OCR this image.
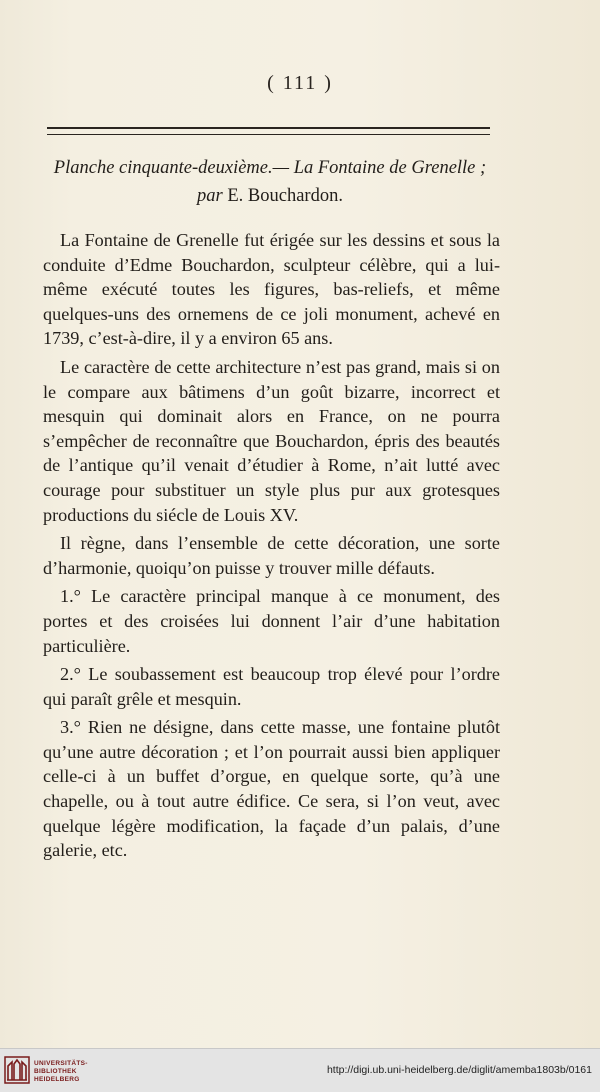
( 111 )
Planche cinquante-deuxième.— La Fontaine de Grenelle ;
par E. Bouchardon.

La Fontaine de Grenelle fut érigée sur les dessins et sous la conduite d’Edme Bouchardon, sculpteur célèbre, qui a lui-même exécuté toutes les figures, bas-reliefs, et même quelques-uns des ornemens de ce joli monument, achevé en 1739, c’est-à-dire, il y a environ 65 ans.

Le caractère de cette architecture n’est pas grand, mais si on le compare aux bâtimens d’un goût bizarre, incorrect et mesquin qui dominait alors en France, on ne pourra s’empêcher de reconnaître que Bouchardon, épris des beautés de l’antique qu’il venait d’étudier à Rome, n’ait lutté avec courage pour substituer un style plus pur aux grotesques productions du siécle de Louis XV.

Il règne, dans l’ensemble de cette décoration, une sorte d’harmonie, quoiqu’on puisse y trouver mille défauts.

1.° Le caractère principal manque à ce monument, des portes et des croisées lui donnent l’air d’une habitation particulière.

2.° Le soubassement est beaucoup trop élevé pour l’ordre qui paraît grêle et mesquin.

3.° Rien ne désigne, dans cette masse, une fontaine plutôt qu’une autre décoration ; et l’on pourrait aussi bien appliquer celle-ci à un buffet d’orgue, en quelque sorte, qu’à une chapelle, ou à tout autre édifice. Ce sera, si l’on veut, avec quelque légère modification, la façade d’un palais, d’une galerie, etc.

UNIVERSITÄTS-
BIBLIOTHEK
HEIDELBERG
http://digi.ub.uni-heidelberg.de/diglit/amemba1803b/0161
